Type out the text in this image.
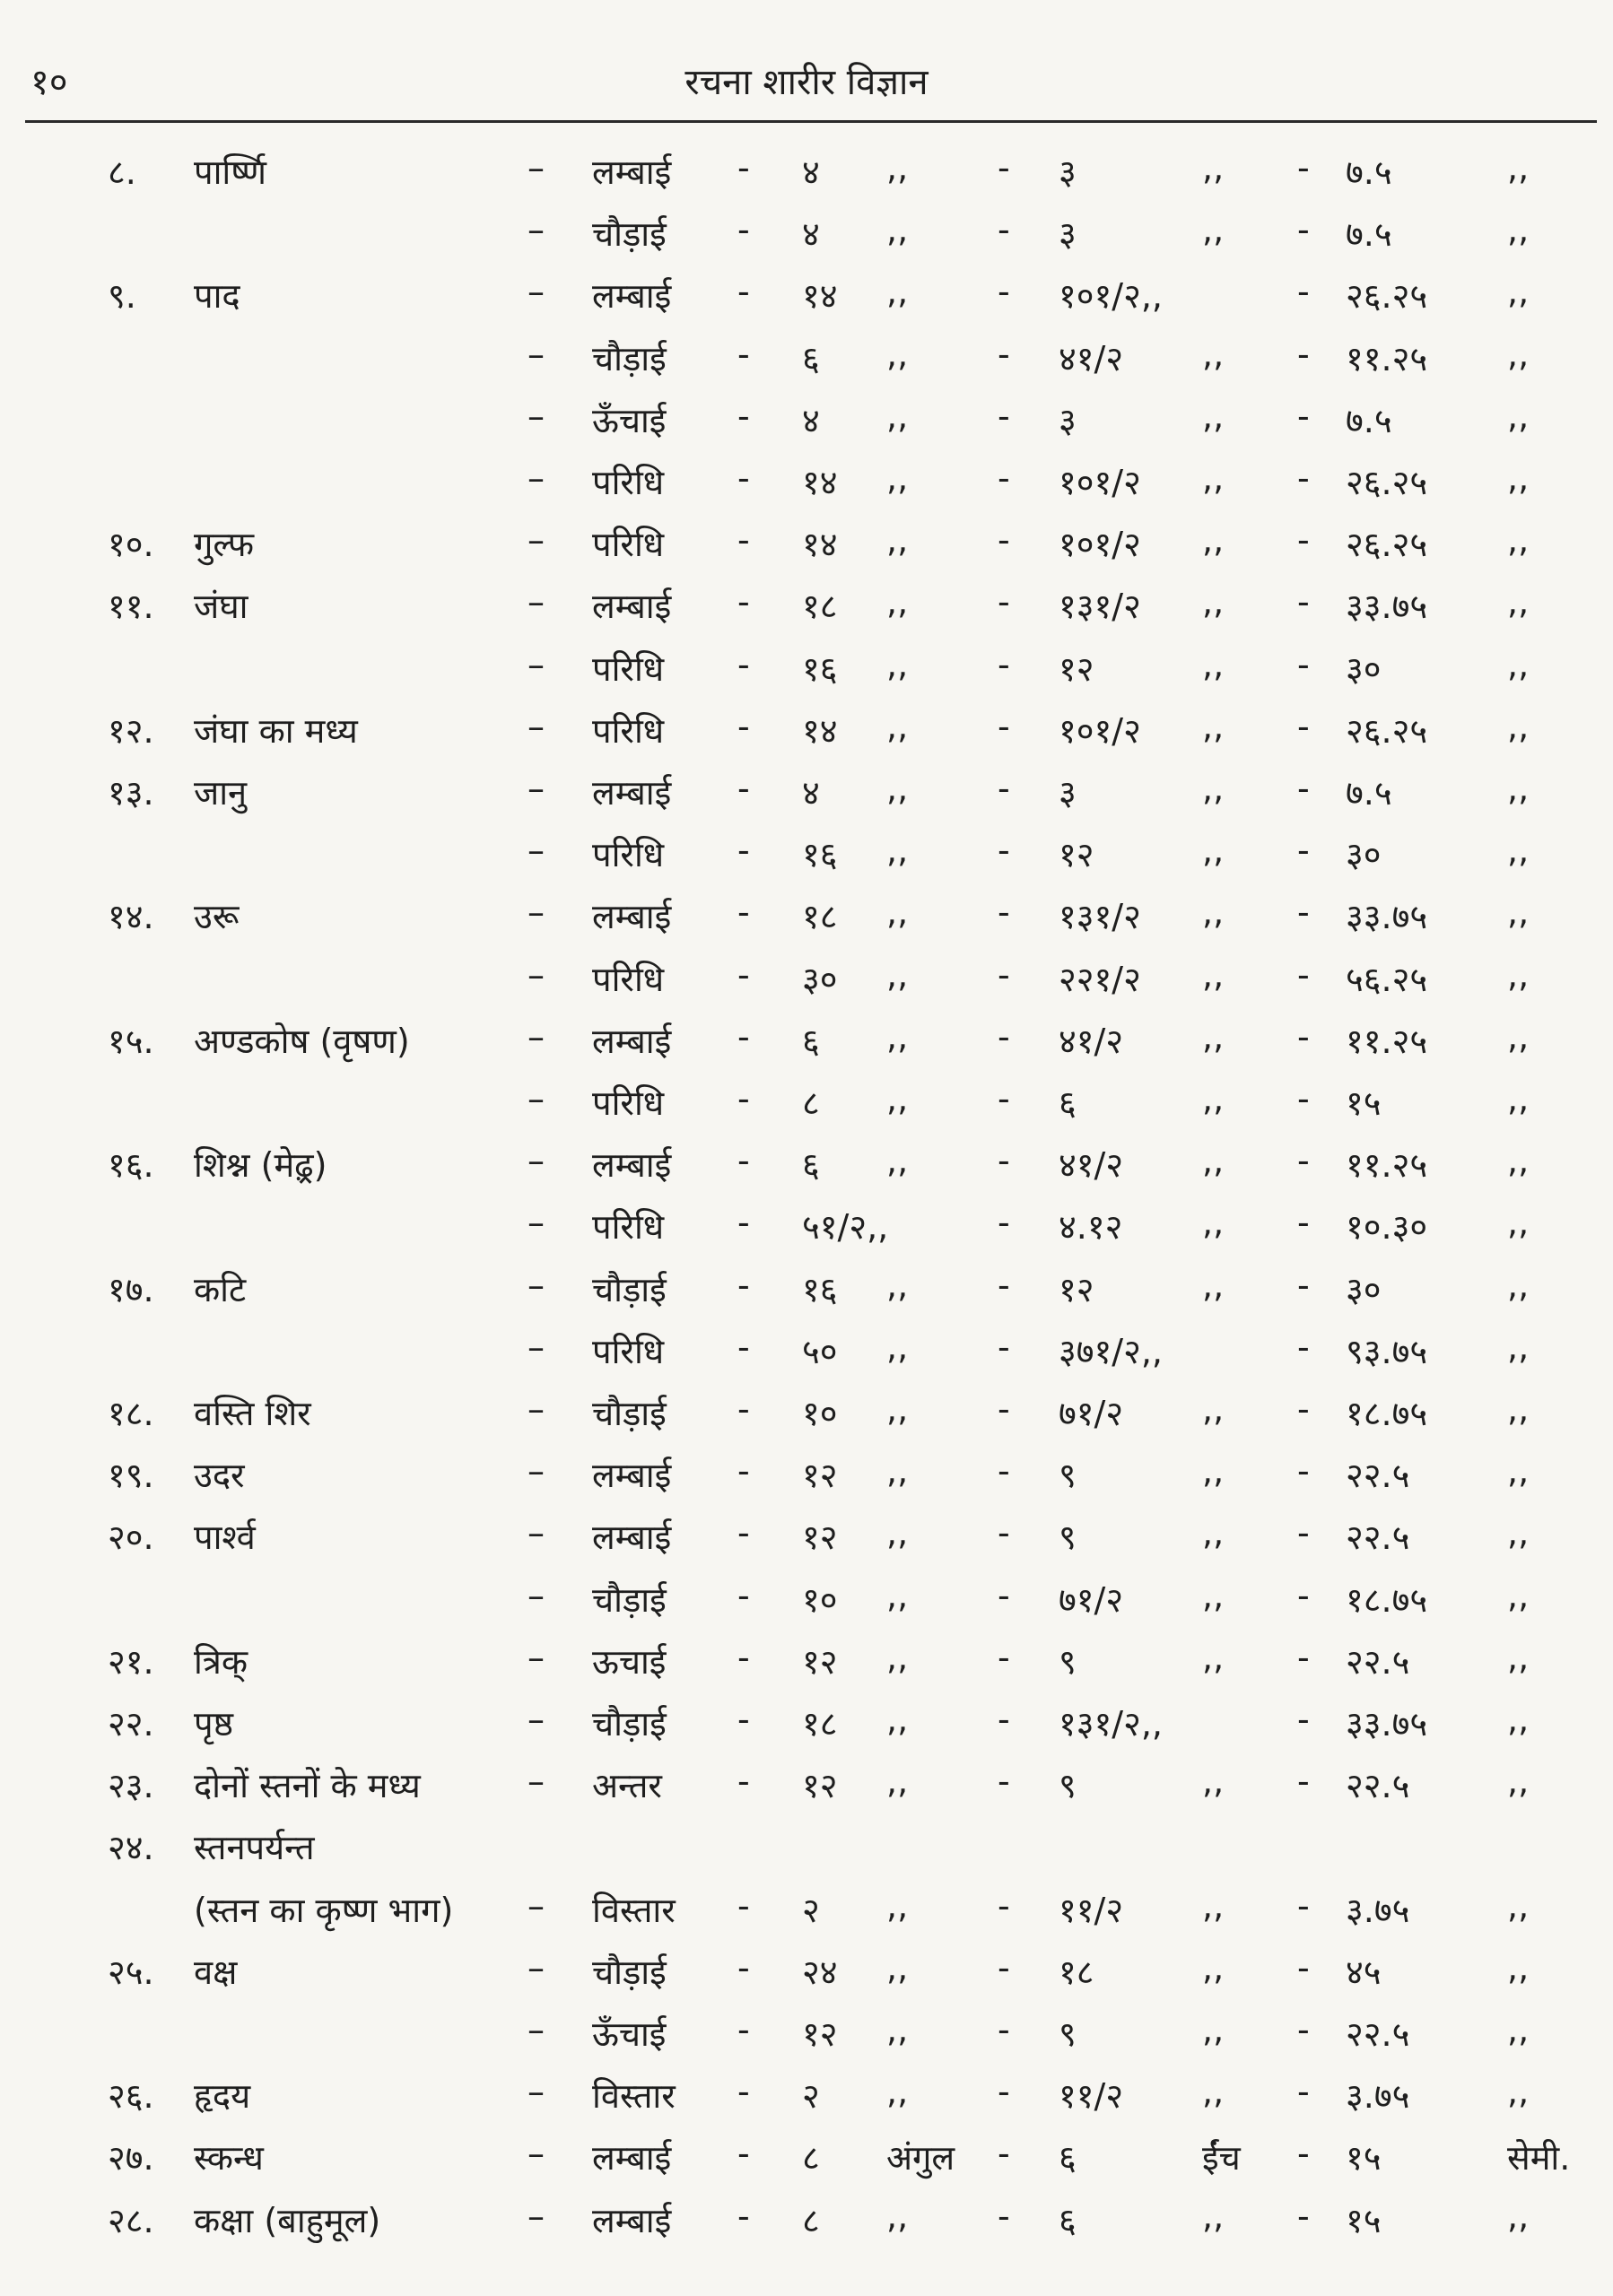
१०	रचना शारीर विज्ञान
८. पार्ष्णि	– लम्बाई - ४ ,,	- ३	,, - ७.५	,,
– चौड़ाई - ४ ,,	- ३	,, - ७.५	,,
९. पाद	– लम्बाई - १४ ,,	- १०१/२,,	- २६.२५ ,,
– चौड़ाई - ६ ,,	- ४१/२ ,, - ११.२५ ,,
– ऊँचाई - ४ ,,	- ३	,, - ७.५	,,
– परिधि - १४ ,,	- १०१/२ ,, - २६.२५ ,,
१०. गुल्फ	– परिधि - १४ ,,	- १०१/२ ,, - २६.२५ ,,
११. जंघा	– लम्बाई - १८ ,,	- १३१/२ ,, - ३३.७५ ,,
– परिधि - १६ ,,	- १२	,, - ३०	,,
१२. जंघा का मध्य	– परिधि - १४ ,,	- १०१/२ ,, - २६.२५ ,,
१३. जानु	– लम्बाई - ४ ,,	- ३	,, - ७.५	,,
– परिधि - १६ ,,	- १२	,, - ३०	,,
१४. उरू	– लम्बाई - १८ ,,	- १३१/२ ,, - ३३.७५ ,,
– परिधि - ३० ,,	- २२१/२ ,, - ५६.२५ ,,
१५. अण्डकोष (वृषण)	– लम्बाई - ६ ,,	- ४१/२ ,, - ११.२५ ,,
– परिधि - ८ ,,	- ६	,, - १५	,,
१६. शिश्न (मेढ़्र)	– लम्बाई - ६ ,,	- ४१/२ ,, - ११.२५ ,,
– परिधि - ५१/२,,	- ४.१२ ,, - १०.३० ,,
१७. कटि	– चौड़ाई - १६ ,,	- १२	,, - ३०	,,
– परिधि - ५० ,,	- ३७१/२,,	- ९३.७५ ,,
१८. वस्ति शिर	– चौड़ाई - १० ,,	- ७१/२ ,, - १८.७५ ,,
१९. उदर	– लम्बाई - १२ ,,	- ९	,, - २२.५	,,
२०. पार्श्व	– लम्बाई - १२ ,,	- ९	,, - २२.५	,,
– चौड़ाई - १० ,,	- ७१/२ ,, - १८.७५ ,,
२१. त्रिक्	– ऊचाई - १२ ,,	- ९	,, - २२.५	,,
२२. पृष्ठ	– चौड़ाई - १८ ,,	- १३१/२,,	- ३३.७५ ,,
२३. दोनों स्तनों के मध्य	– अन्तर - १२ ,,	- ९	,, - २२.५	,,
२४. स्तनपर्यन्त
(स्तन का कृष्ण भाग) – विस्तार - २ ,,	- ११/२ ,, - ३.७५	,,
२५. वक्ष	– चौड़ाई - २४ ,,	- १८	,, - ४५	,,
– ऊँचाई - १२ ,,	- ९	,, - २२.५	,,
२६. हृदय	– विस्तार - २ ,,	- ११/२ ,, - ३.७५	,,
२७. स्कन्ध	– लम्बाई - ८ अंगुल - ६	ईंच - १५	सेमी.
२८. कक्षा (बाहुमूल)	– लम्बाई - ८ ,,	- ६	,, - १५	,,
